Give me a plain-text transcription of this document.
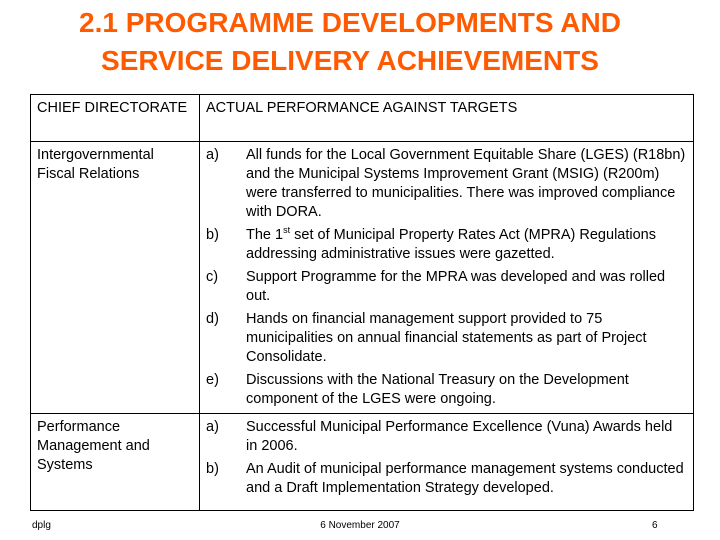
2.1 PROGRAMME DEVELOPMENTS AND
SERVICE DELIVERY ACHIEVEMENTS
CHIEF DIRECTORATE	ACTUAL PERFORMANCE AGAINST TARGETS
Intergovernmental Fiscal Relations	
a)	All funds for the Local Government Equitable Share (LGES) (R18bn) and the Municipal Systems Improvement Grant (MSIG) (R200m) were transferred to municipalities. There was improved compliance with DORA.
b)	The 1st set of Municipal Property Rates Act (MPRA) Regulations addressing administrative issues were gazetted.
c)	Support Programme for the MPRA was developed and was rolled out.
d)	Hands on financial management support provided to 75 municipalities on annual financial statements as part of Project Consolidate.
e)	Discussions with the National Treasury on the Development component of the LGES were ongoing.

Performance Management and Systems	
a)	Successful Municipal Performance Excellence (Vuna) Awards held in 2006.
b)	An Audit of municipal performance management systems conducted and a Draft Implementation Strategy developed.
dplg	6 November 2007	6
